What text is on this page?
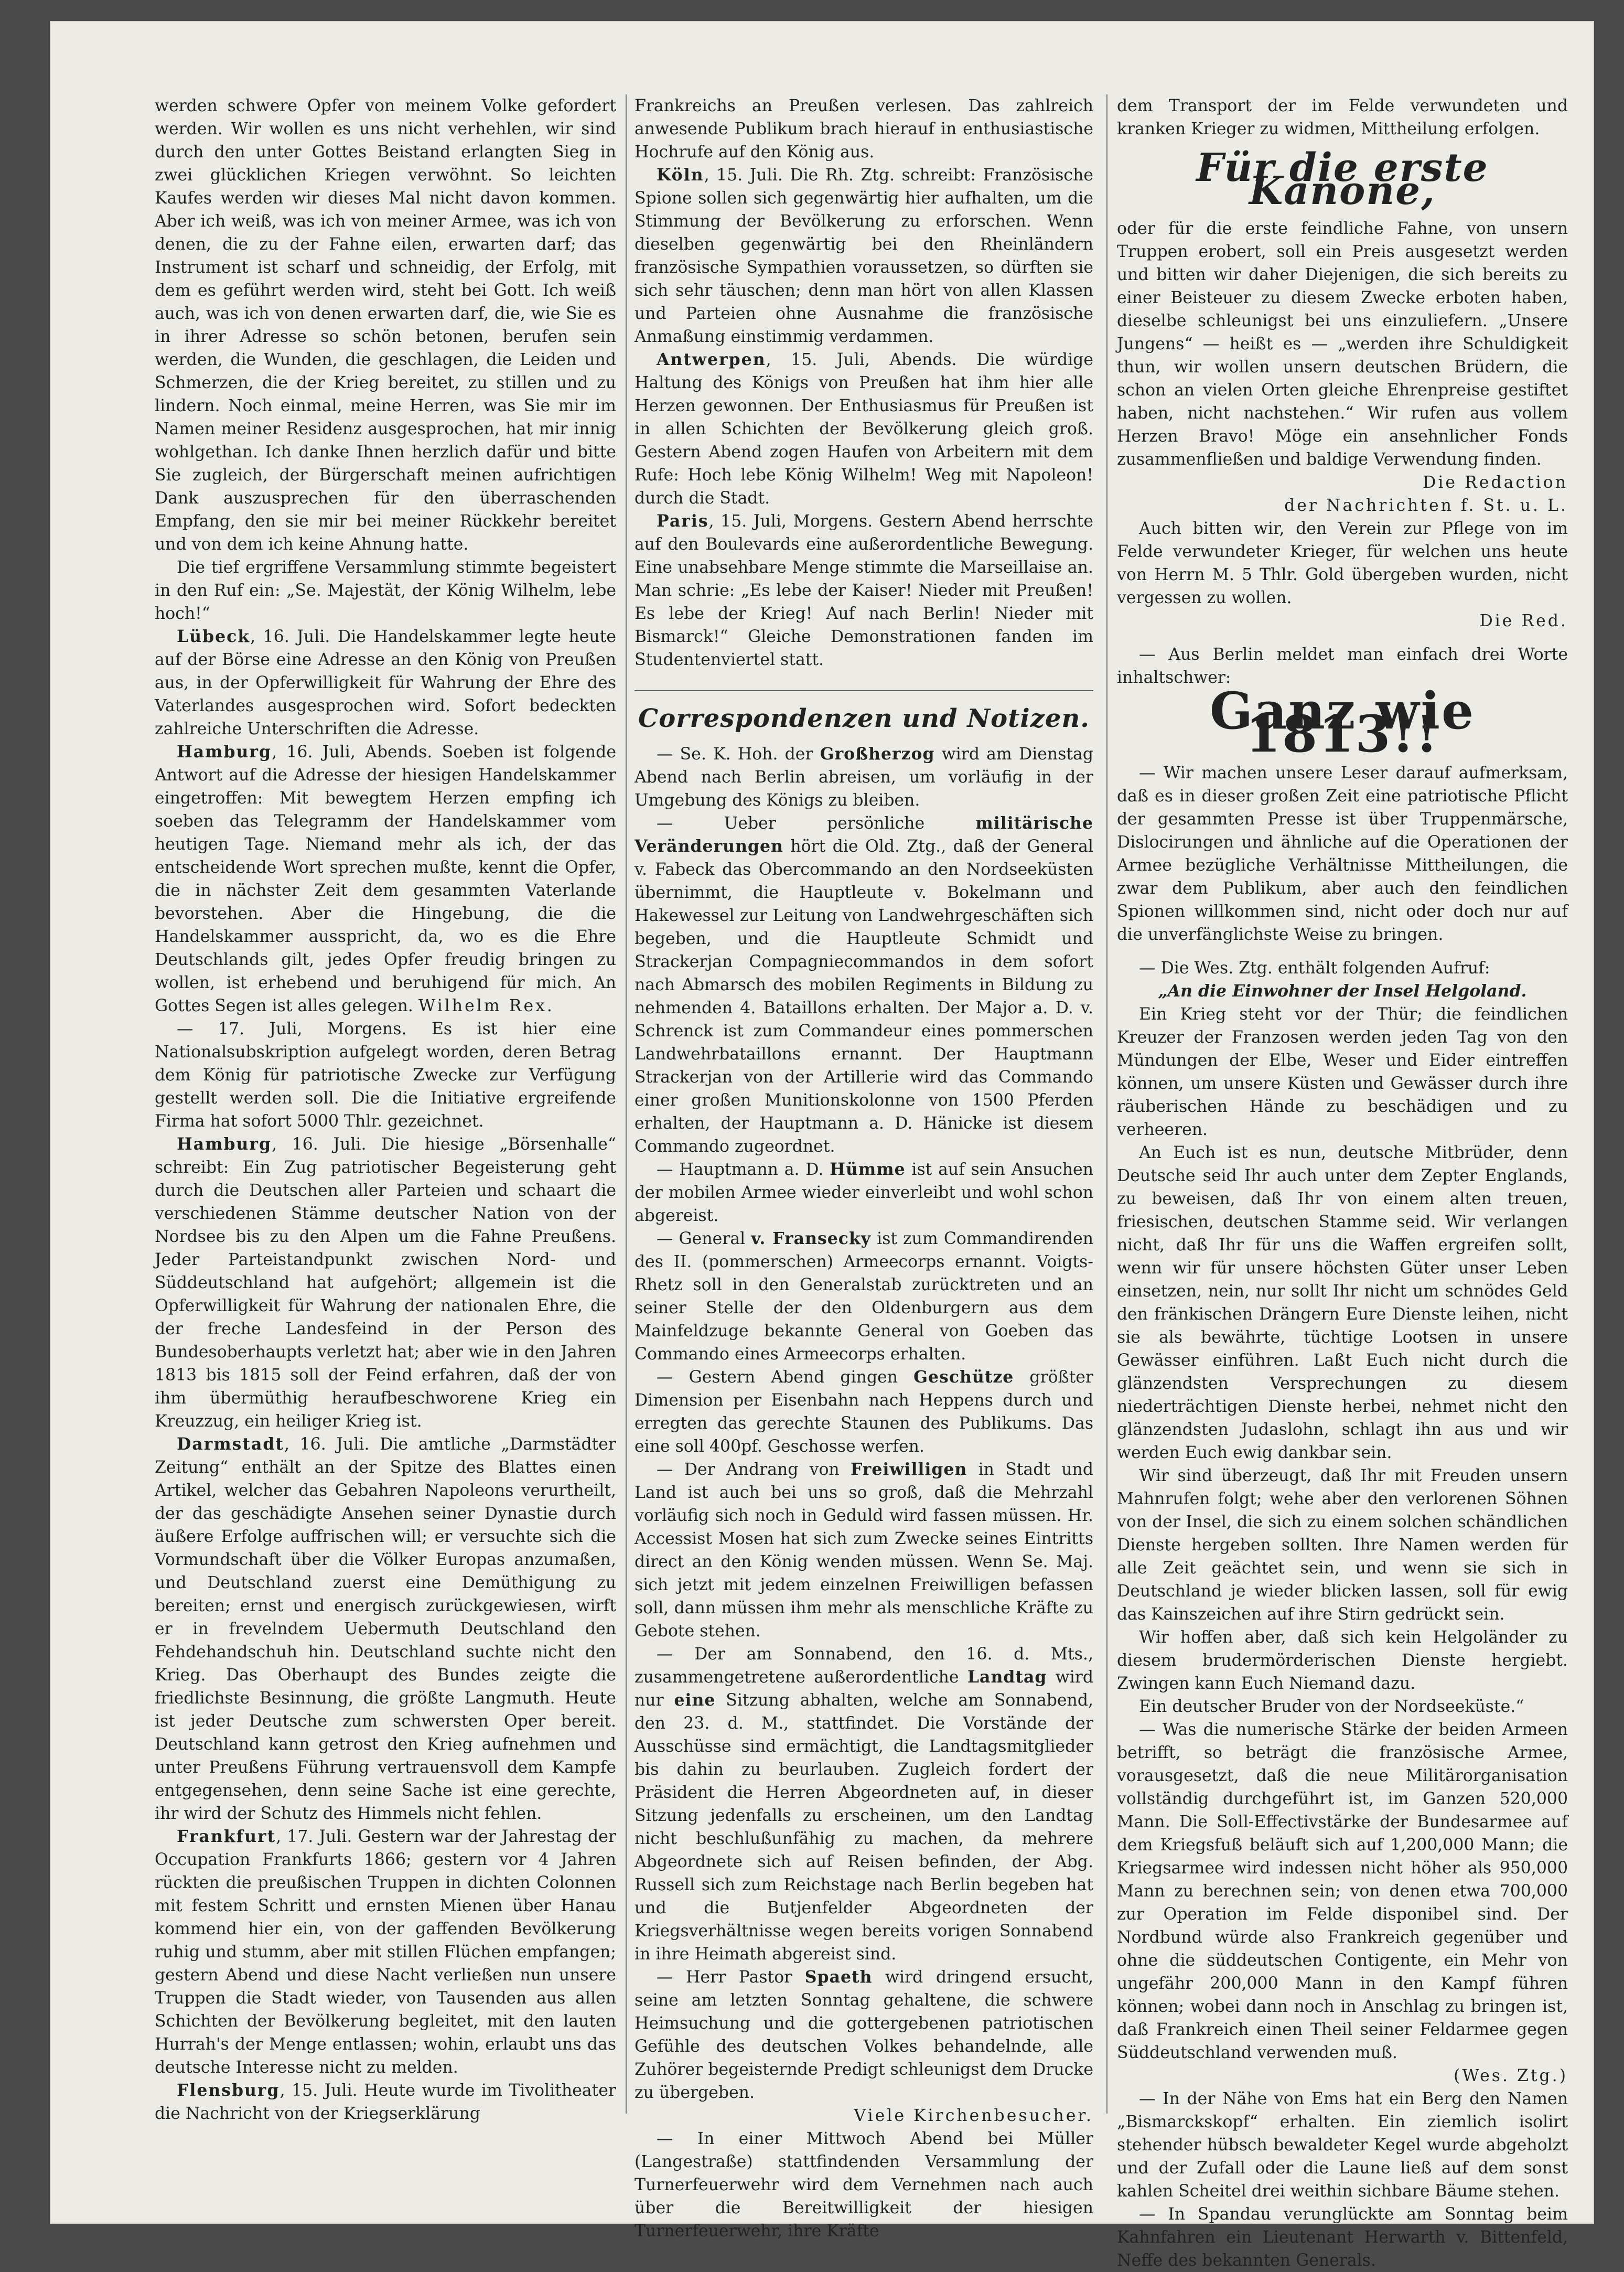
werden schwere Opfer von meinem Volke gefordert werden. Wir wollen es uns nicht verhehlen, wir sind durch den unter Gottes Beistand erlangten Sieg in zwei glücklichen Kriegen verwöhnt. So leichten Kaufes werden wir dieses Mal nicht davon kommen. Aber ich weiß, was ich von meiner Armee, was ich von denen, die zu der Fahne eilen, erwarten darf; das Instrument ist scharf und schneidig, der Erfolg, mit dem es geführt werden wird, steht bei Gott. Ich weiß auch, was ich von denen erwarten darf, die, wie Sie es in ihrer Adresse so schön betonen, berufen sein werden, die Wunden, die geschlagen, die Leiden und Schmerzen, die der Krieg bereitet, zu stillen und zu lindern. Noch einmal, meine Herren, was Sie mir im Namen meiner Residenz ausgesprochen, hat mir innig wohlgethan. Ich danke Ihnen herzlich dafür und bitte Sie zugleich, der Bürgerschaft meinen aufrichtigen Dank auszusprechen für den überraschenden Empfang, den sie mir bei meiner Rückkehr bereitet und von dem ich keine Ahnung hatte.

Die tief ergriffene Versammlung stimmte begeistert in den Ruf ein: „Se. Majestät, der König Wilhelm, lebe hoch!“

Lübeck, 16. Juli. Die Handelskammer legte heute auf der Börse eine Adresse an den König von Preußen aus, in der Opferwilligkeit für Wahrung der Ehre des Vaterlandes ausgesprochen wird. Sofort bedeckten zahlreiche Unterschriften die Adresse.

Hamburg, 16. Juli, Abends. Soeben ist folgende Antwort auf die Adresse der hiesigen Handelskammer eingetroffen: Mit bewegtem Herzen empfing ich soeben das Telegramm der Handelskammer vom heutigen Tage. Niemand mehr als ich, der das entscheidende Wort sprechen mußte, kennt die Opfer, die in nächster Zeit dem gesammten Vaterlande bevorstehen. Aber die Hingebung, die die Handelskammer ausspricht, da, wo es die Ehre Deutschlands gilt, jedes Opfer freudig bringen zu wollen, ist erhebend und beruhigend für mich. An Gottes Segen ist alles gelegen. Wilhelm Rex.

— 17. Juli, Morgens. Es ist hier eine Nationalsubskription aufgelegt worden, deren Betrag dem König für patriotische Zwecke zur Verfügung gestellt werden soll. Die die Initiative ergreifende Firma hat sofort 5000 Thlr. gezeichnet.

Hamburg, 16. Juli. Die hiesige „Börsenhalle“ schreibt: Ein Zug patriotischer Begeisterung geht durch die Deutschen aller Parteien und schaart die verschiedenen Stämme deutscher Nation von der Nordsee bis zu den Alpen um die Fahne Preußens. Jeder Parteistandpunkt zwischen Nord- und Süddeutschland hat aufgehört; allgemein ist die Opferwilligkeit für Wahrung der nationalen Ehre, die der freche Landesfeind in der Person des Bundesoberhaupts verletzt hat; aber wie in den Jahren 1813 bis 1815 soll der Feind erfahren, daß der von ihm übermüthig heraufbeschworene Krieg ein Kreuzzug, ein heiliger Krieg ist.

Darmstadt, 16. Juli. Die amtliche „Darmstädter Zeitung“ enthält an der Spitze des Blattes einen Artikel, welcher das Gebahren Napoleons verurtheilt, der das geschädigte Ansehen seiner Dynastie durch äußere Erfolge auffrischen will; er versuchte sich die Vormundschaft über die Völker Europas anzumaßen, und Deutschland zuerst eine Demüthigung zu bereiten; ernst und energisch zurückgewiesen, wirft er in frevelndem Uebermuth Deutschland den Fehdehandschuh hin. Deutschland suchte nicht den Krieg. Das Oberhaupt des Bundes zeigte die friedlichste Besinnung, die größte Langmuth. Heute ist jeder Deutsche zum schwersten Oper bereit. Deutschland kann getrost den Krieg aufnehmen und unter Preußens Führung vertrauensvoll dem Kampfe entgegensehen, denn seine Sache ist eine gerechte, ihr wird der Schutz des Himmels nicht fehlen.

Frankfurt, 17. Juli. Gestern war der Jahrestag der Occupation Frankfurts 1866; gestern vor 4 Jahren rückten die preußischen Truppen in dichten Colonnen mit festem Schritt und ernsten Mienen über Hanau kommend hier ein, von der gaffenden Bevölkerung ruhig und stumm, aber mit stillen Flüchen empfangen; gestern Abend und diese Nacht verließen nun unsere Truppen die Stadt wieder, von Tausenden aus allen Schichten der Bevölkerung begleitet, mit den lauten Hurrah's der Menge entlassen; wohin, erlaubt uns das deutsche Interesse nicht zu melden.

Flensburg, 15. Juli. Heute wurde im Tivolitheater die Nachricht von der Kriegserklärung

Frankreichs an Preußen verlesen. Das zahlreich anwesende Publikum brach hierauf in enthusiastische Hochrufe auf den König aus.

Köln, 15. Juli. Die Rh. Ztg. schreibt: Französische Spione sollen sich gegenwärtig hier aufhalten, um die Stimmung der Bevölkerung zu erforschen. Wenn dieselben gegenwärtig bei den Rheinländern französische Sympathien voraussetzen, so dürften sie sich sehr täuschen; denn man hört von allen Klassen und Parteien ohne Ausnahme die französische Anmaßung einstimmig verdammen.

Antwerpen, 15. Juli, Abends. Die würdige Haltung des Königs von Preußen hat ihm hier alle Herzen gewonnen. Der Enthusiasmus für Preußen ist in allen Schichten der Bevölkerung gleich groß. Gestern Abend zogen Haufen von Arbeitern mit dem Rufe: Hoch lebe König Wilhelm! Weg mit Napoleon! durch die Stadt.

Paris, 15. Juli, Morgens. Gestern Abend herrschte auf den Boulevards eine außerordentliche Bewegung. Eine unabsehbare Menge stimmte die Marseillaise an. Man schrie: „Es lebe der Kaiser! Nieder mit Preußen! Es lebe der Krieg! Auf nach Berlin! Nieder mit Bismarck!“ Gleiche Demonstrationen fanden im Studentenviertel statt.

Correspondenzen und Notizen.

— Se. K. Hoh. der Großherzog wird am Dienstag Abend nach Berlin abreisen, um vorläufig in der Umgebung des Königs zu bleiben.

— Ueber persönliche militärische Veränderungen hört die Old. Ztg., daß der General v. Fabeck das Obercommando an den Nordseeküsten übernimmt, die Hauptleute v. Bokelmann und Hakewessel zur Leitung von Landwehrgeschäften sich begeben, und die Hauptleute Schmidt und Strackerjan Compagniecommandos in dem sofort nach Abmarsch des mobilen Regiments in Bildung zu nehmenden 4. Bataillons erhalten. Der Major a. D. v. Schrenck ist zum Commandeur eines pommerschen Landwehrbataillons ernannt. Der Hauptmann Strackerjan von der Artillerie wird das Commando einer großen Munitionskolonne von 1500 Pferden erhalten, der Hauptmann a. D. Hänicke ist diesem Commando zugeordnet.

— Hauptmann a. D. Hümme ist auf sein Ansuchen der mobilen Armee wieder einverleibt und wohl schon abgereist.

— General v. Fransecky ist zum Commandirenden des II. (pommerschen) Armeecorps ernannt. Voigts-Rhetz soll in den Generalstab zurücktreten und an seiner Stelle der den Oldenburgern aus dem Mainfeldzuge bekannte General von Goeben das Commando eines Armeecorps erhalten.

— Gestern Abend gingen Geschütze größter Dimension per Eisenbahn nach Heppens durch und erregten das gerechte Staunen des Publikums. Das eine soll 400pf. Geschosse werfen.

— Der Andrang von Freiwilligen in Stadt und Land ist auch bei uns so groß, daß die Mehrzahl vorläufig sich noch in Geduld wird fassen müssen. Hr. Accessist Mosen hat sich zum Zwecke seines Eintritts direct an den König wenden müssen. Wenn Se. Maj. sich jetzt mit jedem einzelnen Freiwilligen befassen soll, dann müssen ihm mehr als menschliche Kräfte zu Gebote stehen.

— Der am Sonnabend, den 16. d. Mts., zusammengetretene außerordentliche Landtag wird nur eine Sitzung abhalten, welche am Sonnabend, den 23. d. M., stattfindet. Die Vorstände der Ausschüsse sind ermächtigt, die Landtagsmitglieder bis dahin zu beurlauben. Zugleich fordert der Präsident die Herren Abgeordneten auf, in dieser Sitzung jedenfalls zu erscheinen, um den Landtag nicht beschlußunfähig zu machen, da mehrere Abgeordnete sich auf Reisen befinden, der Abg. Russell sich zum Reichstage nach Berlin begeben hat und die Butjenfelder Abgeordneten der Kriegsverhältnisse wegen bereits vorigen Sonnabend in ihre Heimath abgereist sind.

— Herr Pastor Spaeth wird dringend ersucht, seine am letzten Sonntag gehaltene, die schwere Heimsuchung und die gottergebenen patriotischen Gefühle des deutschen Volkes behandelnde, alle Zuhörer begeisternde Predigt schleunigst dem Drucke zu übergeben.

Viele Kirchenbesucher.

— In einer Mittwoch Abend bei Müller (Langestraße) stattfindenden Versammlung der Turnerfeuerwehr wird dem Vernehmen nach auch über die Bereitwilligkeit der hiesigen Turnerfeuerwehr, ihre Kräfte

dem Transport der im Felde verwundeten und kranken Krieger zu widmen, Mittheilung erfolgen.

Für die erste Kanone,

oder für die erste feindliche Fahne, von unsern Truppen erobert, soll ein Preis ausgesetzt werden und bitten wir daher Diejenigen, die sich bereits zu einer Beisteuer zu diesem Zwecke erboten haben, dieselbe schleunigst bei uns einzuliefern. „Unsere Jungens“ — heißt es — „werden ihre Schuldigkeit thun, wir wollen unsern deutschen Brüdern, die schon an vielen Orten gleiche Ehrenpreise gestiftet haben, nicht nachstehen.“ Wir rufen aus vollem Herzen Bravo! Möge ein ansehnlicher Fonds zusammenfließen und baldige Verwendung finden.

Die Redaction

der Nachrichten f. St. u. L.

Auch bitten wir, den Verein zur Pflege von im Felde verwundeter Krieger, für welchen uns heute von Herrn M. 5 Thlr. Gold übergeben wurden, nicht vergessen zu wollen.

Die Red.

— Aus Berlin meldet man einfach drei Worte inhaltschwer:

Ganz wie 1813!!

— Wir machen unsere Leser darauf aufmerksam, daß es in dieser großen Zeit eine patriotische Pflicht der gesammten Presse ist über Truppenmärsche, Dislocirungen und ähnliche auf die Operationen der Armee bezügliche Verhältnisse Mittheilungen, die zwar dem Publikum, aber auch den feindlichen Spionen willkommen sind, nicht oder doch nur auf die unverfänglichste Weise zu bringen.

— Die Wes. Ztg. enthält folgenden Aufruf:

„An die Einwohner der Insel Helgoland.

Ein Krieg steht vor der Thür; die feindlichen Kreuzer der Franzosen werden jeden Tag von den Mündungen der Elbe, Weser und Eider eintreffen können, um unsere Küsten und Gewässer durch ihre räuberischen Hände zu beschädigen und zu verheeren.

An Euch ist es nun, deutsche Mitbrüder, denn Deutsche seid Ihr auch unter dem Zepter Englands, zu beweisen, daß Ihr von einem alten treuen, friesischen, deutschen Stamme seid. Wir verlangen nicht, daß Ihr für uns die Waffen ergreifen sollt, wenn wir für unsere höchsten Güter unser Leben einsetzen, nein, nur sollt Ihr nicht um schnödes Geld den fränkischen Drängern Eure Dienste leihen, nicht sie als bewährte, tüchtige Lootsen in unsere Gewässer einführen. Laßt Euch nicht durch die glänzendsten Versprechungen zu diesem niederträchtigen Dienste herbei, nehmet nicht den glänzendsten Judaslohn, schlagt ihn aus und wir werden Euch ewig dankbar sein.

Wir sind überzeugt, daß Ihr mit Freuden unsern Mahnrufen folgt; wehe aber den verlorenen Söhnen von der Insel, die sich zu einem solchen schändlichen Dienste hergeben sollten. Ihre Namen werden für alle Zeit geächtet sein, und wenn sie sich in Deutschland je wieder blicken lassen, soll für ewig das Kainszeichen auf ihre Stirn gedrückt sein.

Wir hoffen aber, daß sich kein Helgoländer zu diesem brudermörderischen Dienste hergiebt. Zwingen kann Euch Niemand dazu.

Ein deutscher Bruder von der Nordseeküste.“

— Was die numerische Stärke der beiden Armeen betrifft, so beträgt die französische Armee, vorausgesetzt, daß die neue Militärorganisation vollständig durchgeführt ist, im Ganzen 520,000 Mann. Die Soll-Effectivstärke der Bundesarmee auf dem Kriegsfuß beläuft sich auf 1,200,000 Mann; die Kriegsarmee wird indessen nicht höher als 950,000 Mann zu berechnen sein; von denen etwa 700,000 zur Operation im Felde disponibel sind. Der Nordbund würde also Frankreich gegenüber und ohne die süddeutschen Contigente, ein Mehr von ungefähr 200,000 Mann in den Kampf führen können; wobei dann noch in Anschlag zu bringen ist, daß Frankreich einen Theil seiner Feldarmee gegen Süddeutschland verwenden muß.

(Wes. Ztg.)

— In der Nähe von Ems hat ein Berg den Namen „Bismarckskopf“ erhalten. Ein ziemlich isolirt stehender hübsch bewaldeter Kegel wurde abgeholzt und der Zufall oder die Laune ließ auf dem sonst kahlen Scheitel drei weithin sichbare Bäume stehen.

— In Spandau verunglückte am Sonntag beim Kahnfahren ein Lieutenant Herwarth v. Bittenfeld, Neffe des bekannten Generals.
